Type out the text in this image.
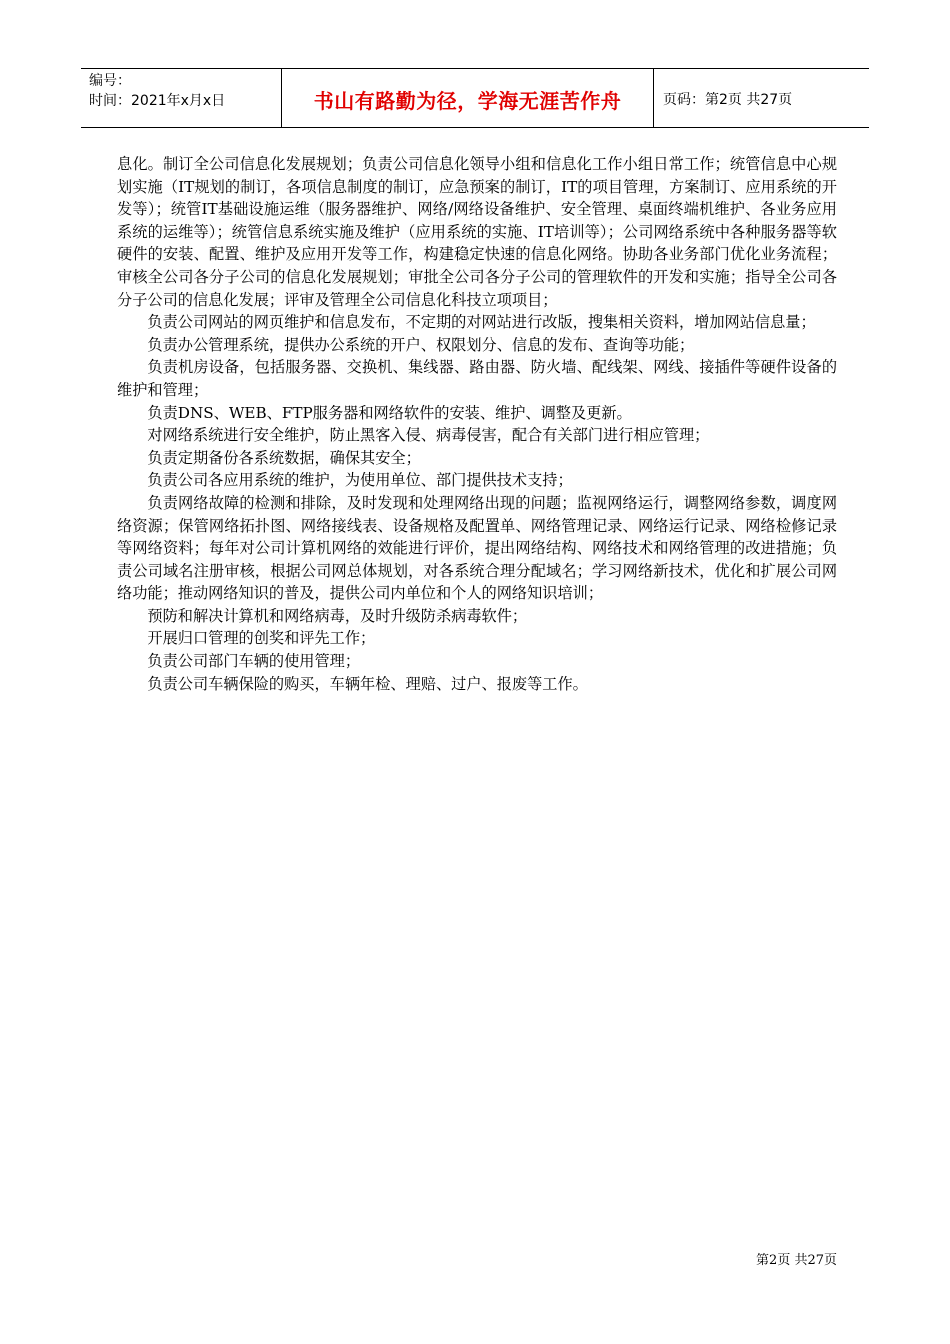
编号：
时间：2021年x月x日	书山有路勤为径，学海无涯苦作舟	页码：第2页 共27页

息化。制订全公司信息化发展规划；负责公司信息化领导小组和信息化工作小组日常工作；统管信息中心规划实施（IT规划的制订，各项信息制度的制订，应急预案的制订，IT的项目管理，方案制订、应用系统的开发等）；统管IT基础设施运维（服务器维护、网络/网络设备维护、安全管理、桌面终端机维护、各业务应用系统的运维等）；统管信息系统实施及维护（应用系统的实施、IT培训等）；公司网络系统中各种服务器等软硬件的安装、配置、维护及应用开发等工作，构建稳定快速的信息化网络。协助各业务部门优化业务流程；审核全公司各分子公司的信息化发展规划；审批全公司各分子公司的管理软件的开发和实施；指导全公司各分子公司的信息化发展；评审及管理全公司信息化科技立项项目；

负责公司网站的网页维护和信息发布，不定期的对网站进行改版，搜集相关资料，增加网站信息量；

负责办公管理系统，提供办公系统的开户、权限划分、信息的发布、查询等功能；

负责机房设备，包括服务器、交换机、集线器、路由器、防火墙、配线架、网线、接插件等硬件设备的维护和管理；

负责DNS、WEB、FTP服务器和网络软件的安装、维护、调整及更新。

对网络系统进行安全维护，防止黑客入侵、病毒侵害，配合有关部门进行相应管理；

负责定期备份各系统数据，确保其安全；

负责公司各应用系统的维护，为使用单位、部门提供技术支持；

负责网络故障的检测和排除，及时发现和处理网络出现的问题；监视网络运行，调整网络参数，调度网络资源；保管网络拓扑图、网络接线表、设备规格及配置单、网络管理记录、网络运行记录、网络检修记录等网络资料；每年对公司计算机网络的效能进行评价，提出网络结构、网络技术和网络管理的改进措施；负责公司域名注册审核，根据公司网总体规划，对各系统合理分配域名；学习网络新技术，优化和扩展公司网络功能；推动网络知识的普及，提供公司内单位和个人的网络知识培训；

预防和解决计算机和网络病毒，及时升级防杀病毒软件；

开展归口管理的创奖和评先工作；

负责公司部门车辆的使用管理；

负责公司车辆保险的购买，车辆年检、理赔、过户、报废等工作。

第2页 共27页
